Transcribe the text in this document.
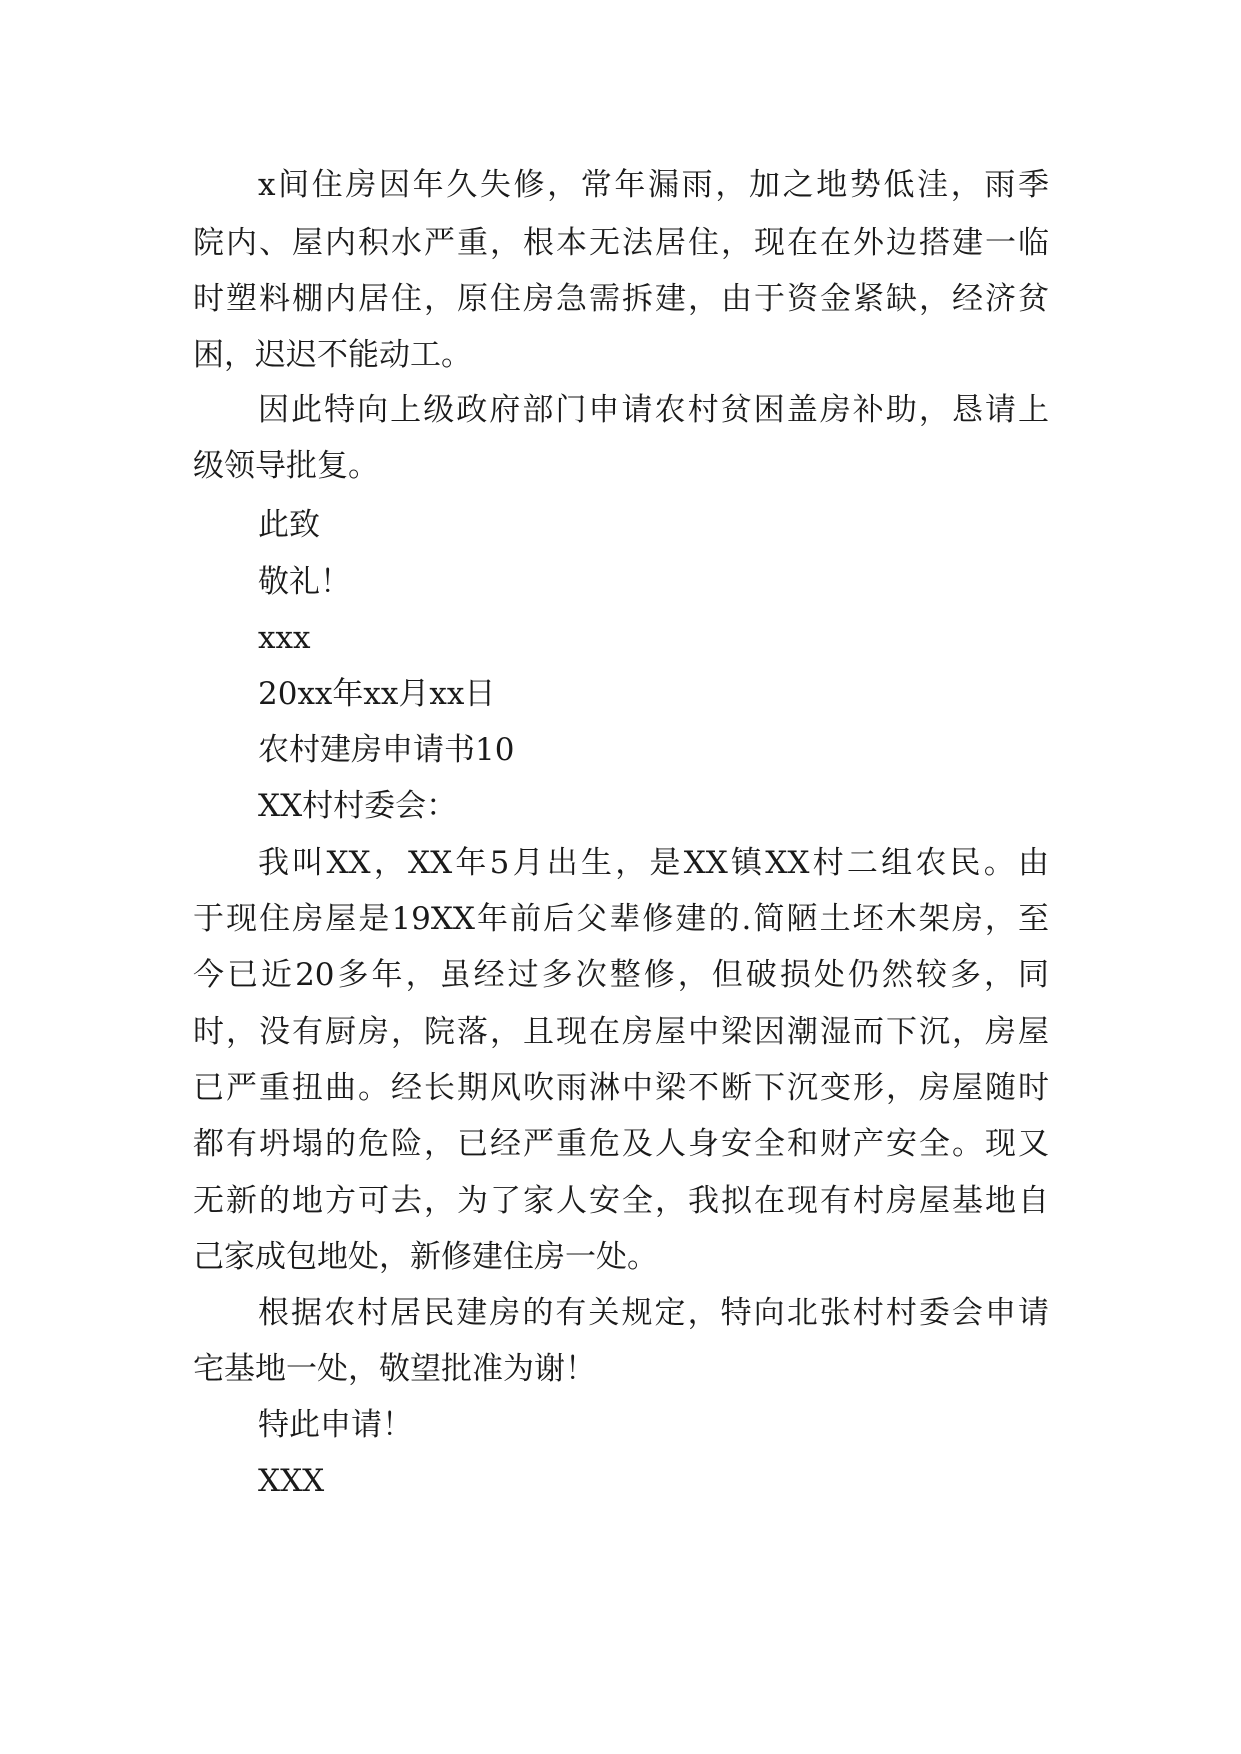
x间住房因年久失修，常年漏雨，加之地势低洼，雨季
院内、屋内积水严重，根本无法居住，现在在外边搭建一临
时塑料棚内居住，原住房急需拆建，由于资金紧缺，经济贫
困，迟迟不能动工。
因此特向上级政府部门申请农村贫困盖房补助，恳请上
级领导批复。
此致
敬礼！
xxx
20xx年xx月xx日
农村建房申请书10
XX村村委会：
我叫XX，XX年5月出生，是XX镇XX村二组农民。由
于现住房屋是19XX年前后父辈修建的.简陋土坯木架房，至
今已近20多年，虽经过多次整修，但破损处仍然较多，同
时，没有厨房，院落，且现在房屋中梁因潮湿而下沉，房屋
已严重扭曲。经长期风吹雨淋中梁不断下沉变形，房屋随时
都有坍塌的危险，已经严重危及人身安全和财产安全。现又
无新的地方可去，为了家人安全，我拟在现有村房屋基地自
己家成包地处，新修建住房一处。
根据农村居民建房的有关规定，特向北张村村委会申请
宅基地一处，敬望批准为谢！
特此申请！
XXX
